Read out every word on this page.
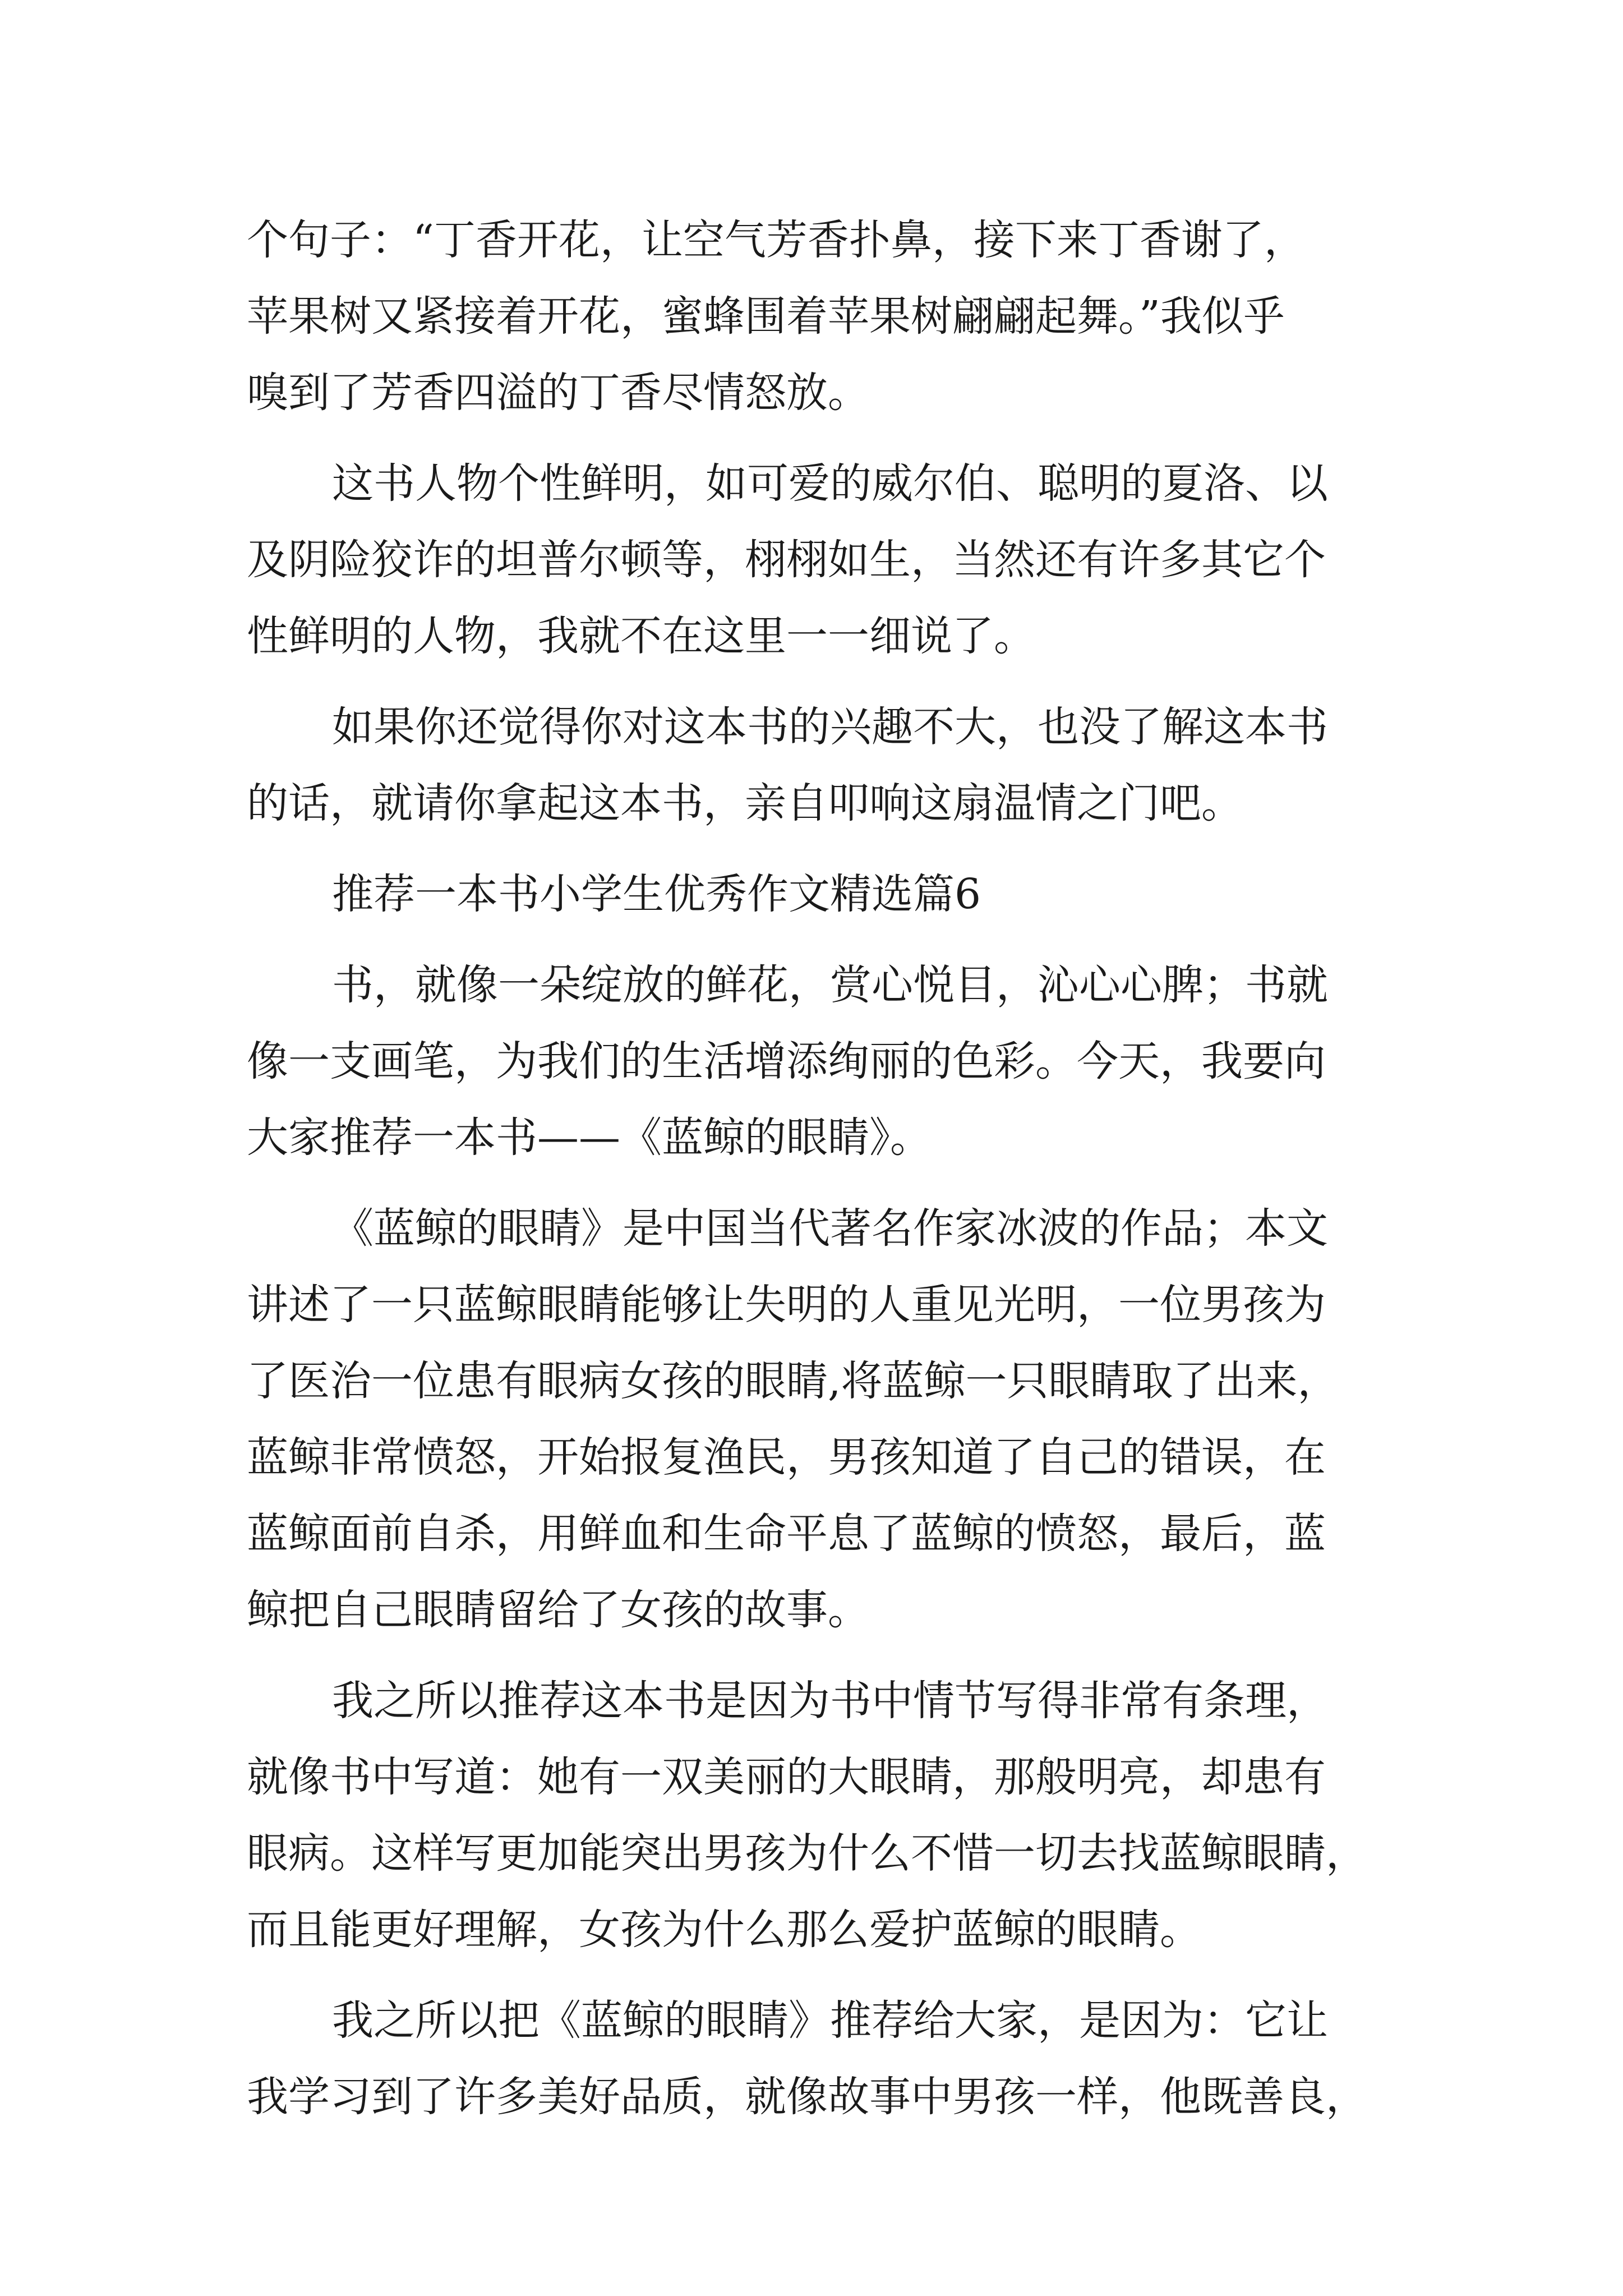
个句子：“丁香开花，让空气芳香扑鼻，接下来丁香谢了，
苹果树又紧接着开花，蜜蜂围着苹果树翩翩起舞。”我似乎
嗅到了芳香四溢的丁香尽情怒放。
这书人物个性鲜明，如可爱的威尔伯、聪明的夏洛、以
及阴险狡诈的坦普尔顿等，栩栩如生，当然还有许多其它个
性鲜明的人物，我就不在这里一一细说了。
如果你还觉得你对这本书的兴趣不大，也没了解这本书
的话，就请你拿起这本书，亲自叩响这扇温情之门吧。
推荐一本书小学生优秀作文精选篇6
书，就像一朵绽放的鲜花，赏心悦目，沁心心脾；书就
像一支画笔，为我们的生活增添绚丽的色彩。今天，我要向
大家推荐一本书——《蓝鲸的眼睛》。
《蓝鲸的眼睛》是中国当代著名作家冰波的作品；本文
讲述了一只蓝鲸眼睛能够让失明的人重见光明，一位男孩为
了医治一位患有眼病女孩的眼睛,将蓝鲸一只眼睛取了出来，
蓝鲸非常愤怒，开始报复渔民，男孩知道了自己的错误，在
蓝鲸面前自杀，用鲜血和生命平息了蓝鲸的愤怒，最后，蓝
鲸把自己眼睛留给了女孩的故事。
我之所以推荐这本书是因为书中情节写得非常有条理，
就像书中写道：她有一双美丽的大眼睛，那般明亮，却患有
眼病。这样写更加能突出男孩为什么不惜一切去找蓝鲸眼睛，
而且能更好理解，女孩为什么那么爱护蓝鲸的眼睛。
我之所以把《蓝鲸的眼睛》推荐给大家，是因为：它让
我学习到了许多美好品质，就像故事中男孩一样，他既善良，
